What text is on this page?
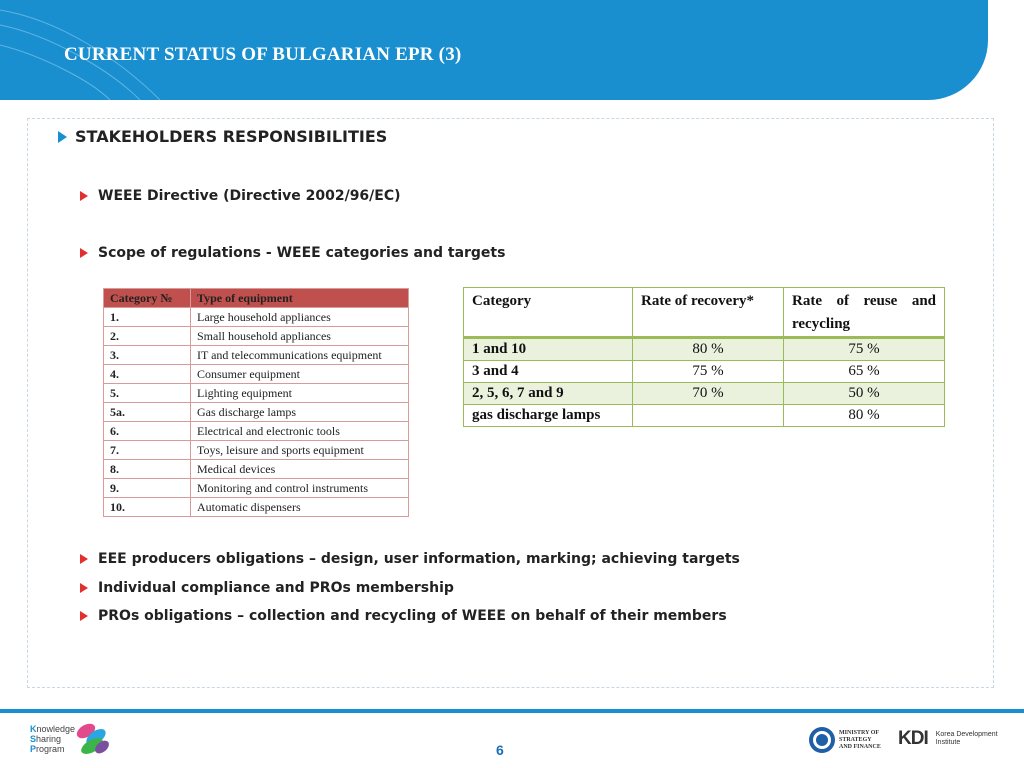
CURRENT STATUS OF BULGARIAN EPR (3)
STAKEHOLDERS RESPONSIBILITIES
WEEE Directive (Directive 2002/96/EC)
Scope of regulations - WEEE categories and targets
Category №	Type of equipment
1.	Large household appliances
2.	Small household appliances
3.	IT and telecommunications equipment
4.	Consumer equipment
5.	Lighting equipment
5a.	Gas discharge lamps
6.	Electrical and electronic tools
7.	Toys, leisure and sports equipment
8.	Medical devices
9.	Monitoring and control instruments
10.	Automatic dispensers
Category	Rate of recovery*	Rate of reuse and recycling
1 and 10	80 %	75 %
3 and 4	75 %	65 %
2, 5, 6, 7 and 9	70 %	50 %
gas discharge lamps		80 %
EEE producers obligations – design, user information, marking; achieving targets
Individual compliance and PROs membership
PROs obligations – collection and recycling of WEEE on behalf of their members
Knowledge
Sharing
Program	6
MINISTRY OF
STRATEGY
AND FINANCE KDI Korea Development
Institute
